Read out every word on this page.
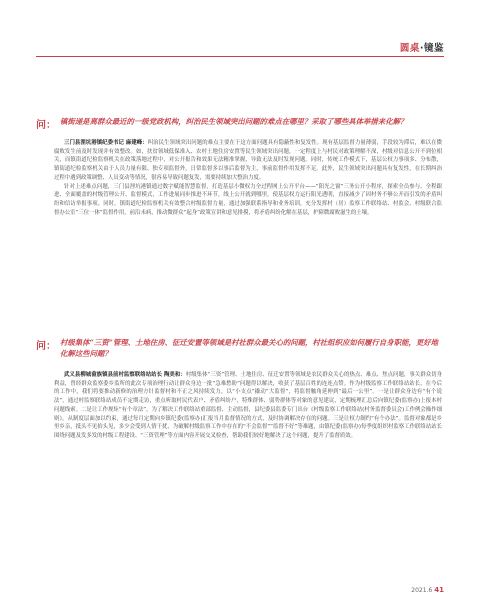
圆桌·镜鉴
问： 镇街递是离群众最近的一级党政机构，纠治民生领域突出问题的难点在哪里？采取了哪些具体举措来化解？

三门县浬坑港镇纪委书记 麻建峰：纠治民生领域突出问题的难点主要在于这方面问题具有隐蔽性和复发性。现有基层监督力量薄弱，手段较为滞后，难以在微腐败发生前及时发现并有效整改。如，扶贫领域低保准入、农村土地住房安置等民生领域突出问题，一定程度上与村民对政策理解不深，村级对信息公开不到位相关，而镇街道纪检监察机关在政策落地过程中，对公开报告和效果无法精准掌握，导致无法及时发现问题。同时，传统工作模式下，基层公权力事项多、分布散，镇街道纪检监察机关由于人员力量有限、独专项监督外，日常监督多以事后监督为主，事前监督作用发挥不足。此外，民生领域突出问题具有复发性，在长期纠治过程中遇到政策调整、人员变动等情况，很容易导致问题复发，需要持续加大整治力度。

针对上述难点问题，三门县浬坑港镇通过数字赋能智慧监督，打造基层小微权力全过程网上公开平台——“阳光之窗”三务公开小程序，探索全员参与、全程跟进、全面覆盖的村级管理公开、监督模式，工作进展同步推进不环节，线上公开就到哪里，使基层权力运行阳光透明，直接减少了因村务不够公开而引发的矛盾纠纷和信访举报事项。同时，镇街道纪检监察机关有效整合村级监督力量，通过加强联系指导和业务培训，充分发挥村（居）监察工作联络站、村监会、村级联合监督办公室“三位一体”监督作用，前沿未病，推动微群众“起身”政策宣讲和意见排摸，将矛盾纠纷化解在基层，护障微腐败滋生的土壤。

问： 村级集体“三资”管理、土地住房、征迁安置等领域是村社群众最关心的问题，村社组织应如何履行自身职能，更好地化解这些问题？

武义县柳城畲族镇县前村监察联络站站长 陶美和：村级集体“三资”管理、土地住房、征迁安置等领域是农民群众关心的热点、难点、焦点问题，事关群众切身利益，曾经群众监察委乡监所的此次专项治理行动让群众身边一批“急难愁盼”问题得以解决，收获了基层百姓的连连点赞。作为村级监察工作联络站站长，在今后的工作中，我们将要推动新修的治理方针监督村和不正之风持续发力，以“小支点”撬动“大监督”，将监督触角延伸到“最后一公里”。一是让群众身边有“有个说法”。通过村监察联络站成员不定期走访，重点听取村民代表户、矛盾纠纷户，特殊群体、弱势群体等对象的意见建议，定期梳理汇总后向镇纪委(监察办)上报本村问题线索。二是让工作规矩“有个章法”。为了解决工作联络站重部监督、主动监督，县纪委县监委专门出台《村级监察工作联络站(村务监督委员会)工作例会操作细则》，从制度层面加以约束，通过每月定期向乡镇纪委(监察办)汇报当月监督情况的方式，及时协调解决存在的问题。三是让权力制约“有个办法”。监督对象都是乡里乡亲，抵头不见抬头见，多少会受到人情干扰，为破解村级监察工作中存在的“不会监督”“监督不好”等难题，由镇纪委(监察办)每季度组织村监察工作联络站站长围绕问题及发多发的村级工程建设、“三资管理”等方面内容开展交叉检查，帮助我们较好地解决了这个问题，提升了监督质效。

2021.6 41
